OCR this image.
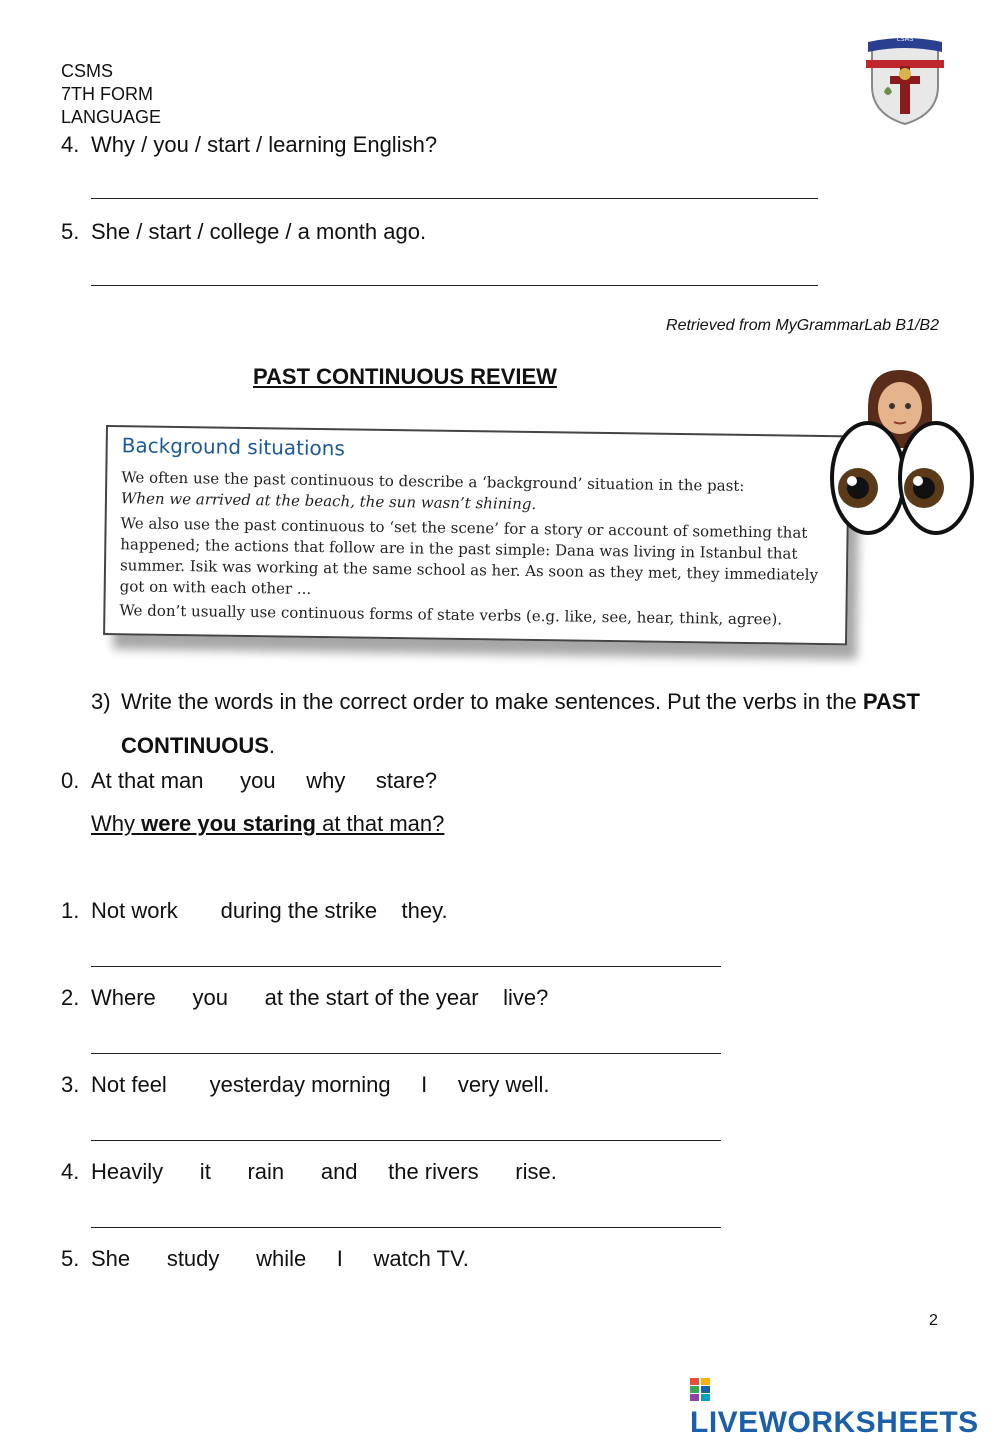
CSMS
7TH FORM
LANGUAGE
CSMS
4. Why / you / start / learning English?
5. She / start / college / a month ago.
Retrieved from MyGrammarLab B1/B2
PAST CONTINUOUS REVIEW
Background situations
We often use the past continuous to describe a ‘background’ situation in the past:
When we arrived at the beach, the sun wasn’t shining.
We also use the past continuous to ‘set the scene’ for a story or account of something that happened; the actions that follow are in the past simple: Dana was living in Istanbul that summer. Isik was working at the same school as her. As soon as they met, they immediately got on with each other ...
We don’t usually use continuous forms of state verbs (e.g. like, see, hear, think, agree).
3) Write the words in the correct order to make sentences. Put the verbs in the PAST CONTINUOUS.
0. At that man      you     why     stare?
Why were you staring at that man?
1. Not work       during the strike    they.
2. Where      you      at the start of the year    live?
3. Not feel       yesterday morning     I     very well.
4. Heavily      it      rain      and     the rivers      rise.
5. She      study      while     I     watch TV.
2
LIVEWORKSHEETS
